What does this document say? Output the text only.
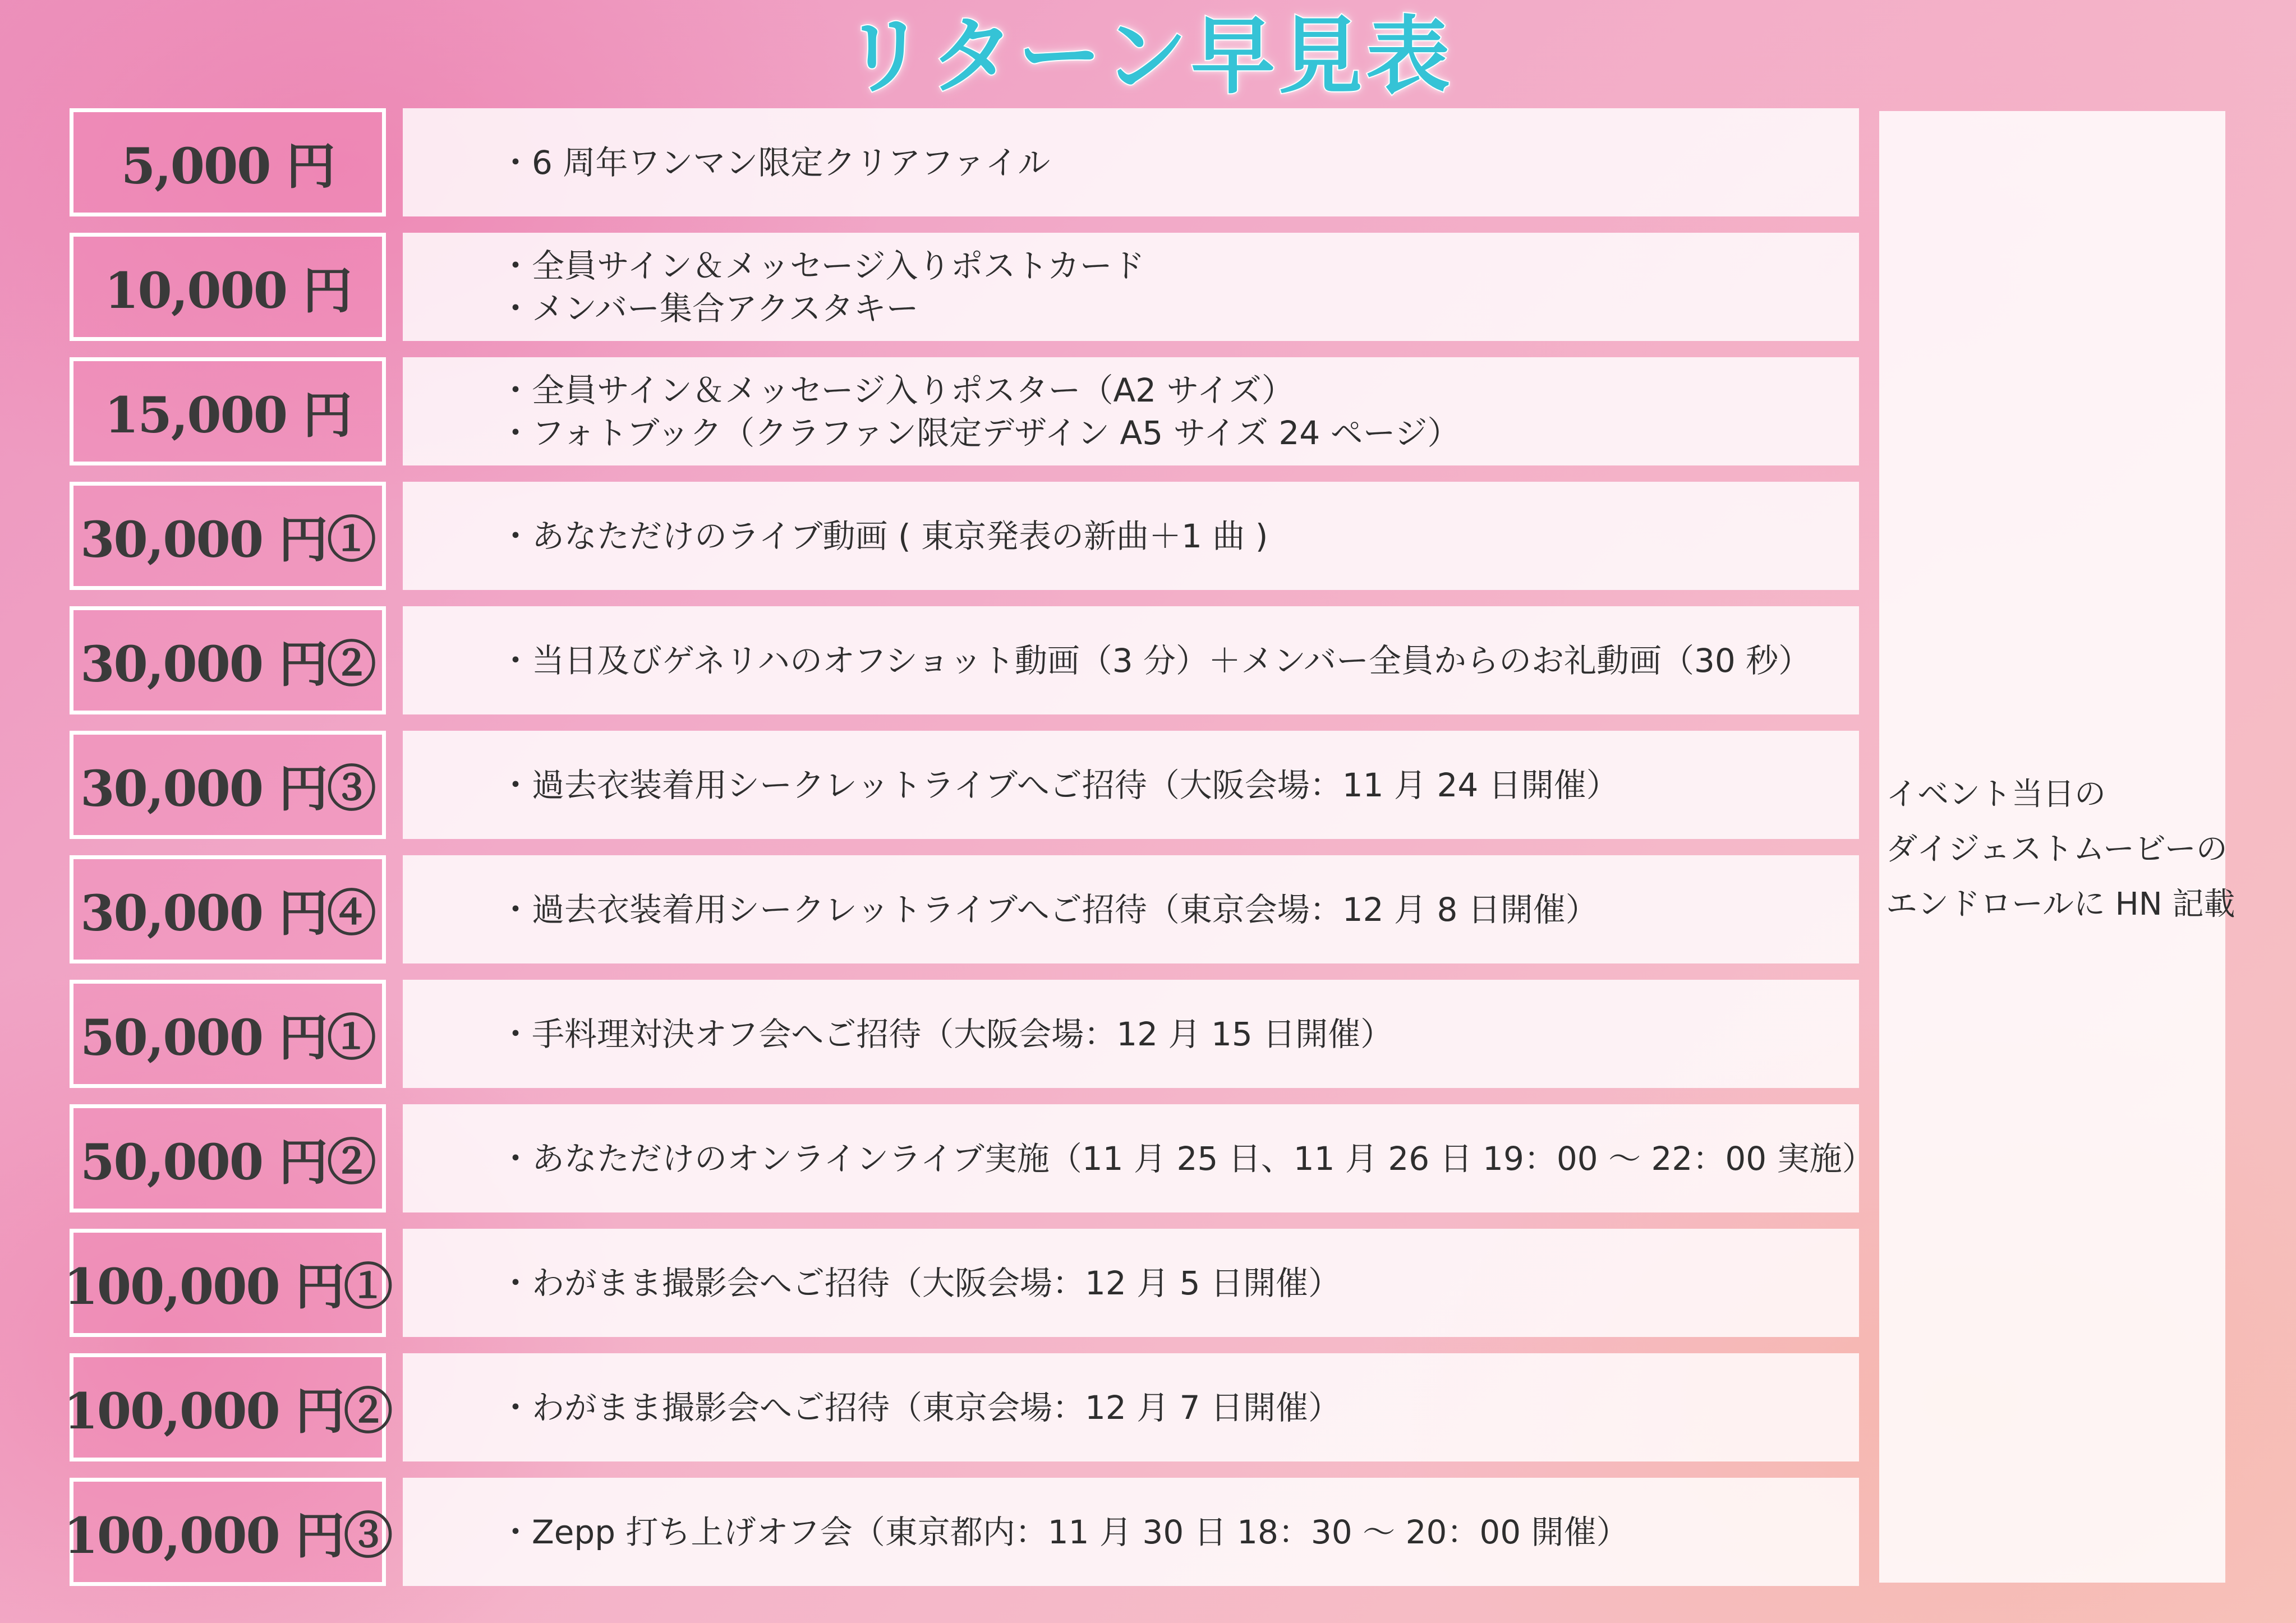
リターン早見表
5,000 円	・6 周年ワンマン限定クリアファイル
10,000 円	・全員サイン＆メッセージ入りポストカード
・メンバー集合アクスタキー
15,000 円	・全員サイン＆メッセージ入りポスター（A2 サイズ）
・フォトブック（クラファン限定デザイン A5 サイズ 24 ページ）
30,000 円①	・あなただけのライブ動画 ( 東京発表の新曲＋1 曲 )
30,000 円②	・当日及びゲネリハのオフショット動画（3 分）＋メンバー全員からのお礼動画（30 秒）
30,000 円③	・過去衣装着用シークレットライブへご招待（大阪会場：11 月 24 日開催）
30,000 円④	・過去衣装着用シークレットライブへご招待（東京会場：12 月 8 日開催）
50,000 円①	・手料理対決オフ会へご招待（大阪会場：12 月 15 日開催）
50,000 円②	・あなただけのオンラインライブ実施（11 月 25 日、11 月 26 日 19：00 ～ 22：00 実施）
100,000 円①	・わがまま撮影会へご招待（大阪会場：12 月 5 日開催）
100,000 円②	・わがまま撮影会へご招待（東京会場：12 月 7 日開催）
100,000 円③	・Zepp 打ち上げオフ会（東京都内：11 月 30 日 18：30 ～ 20：00 開催）
イベント当日の
ダイジェストムービーの
エンドロールに HN 記載
